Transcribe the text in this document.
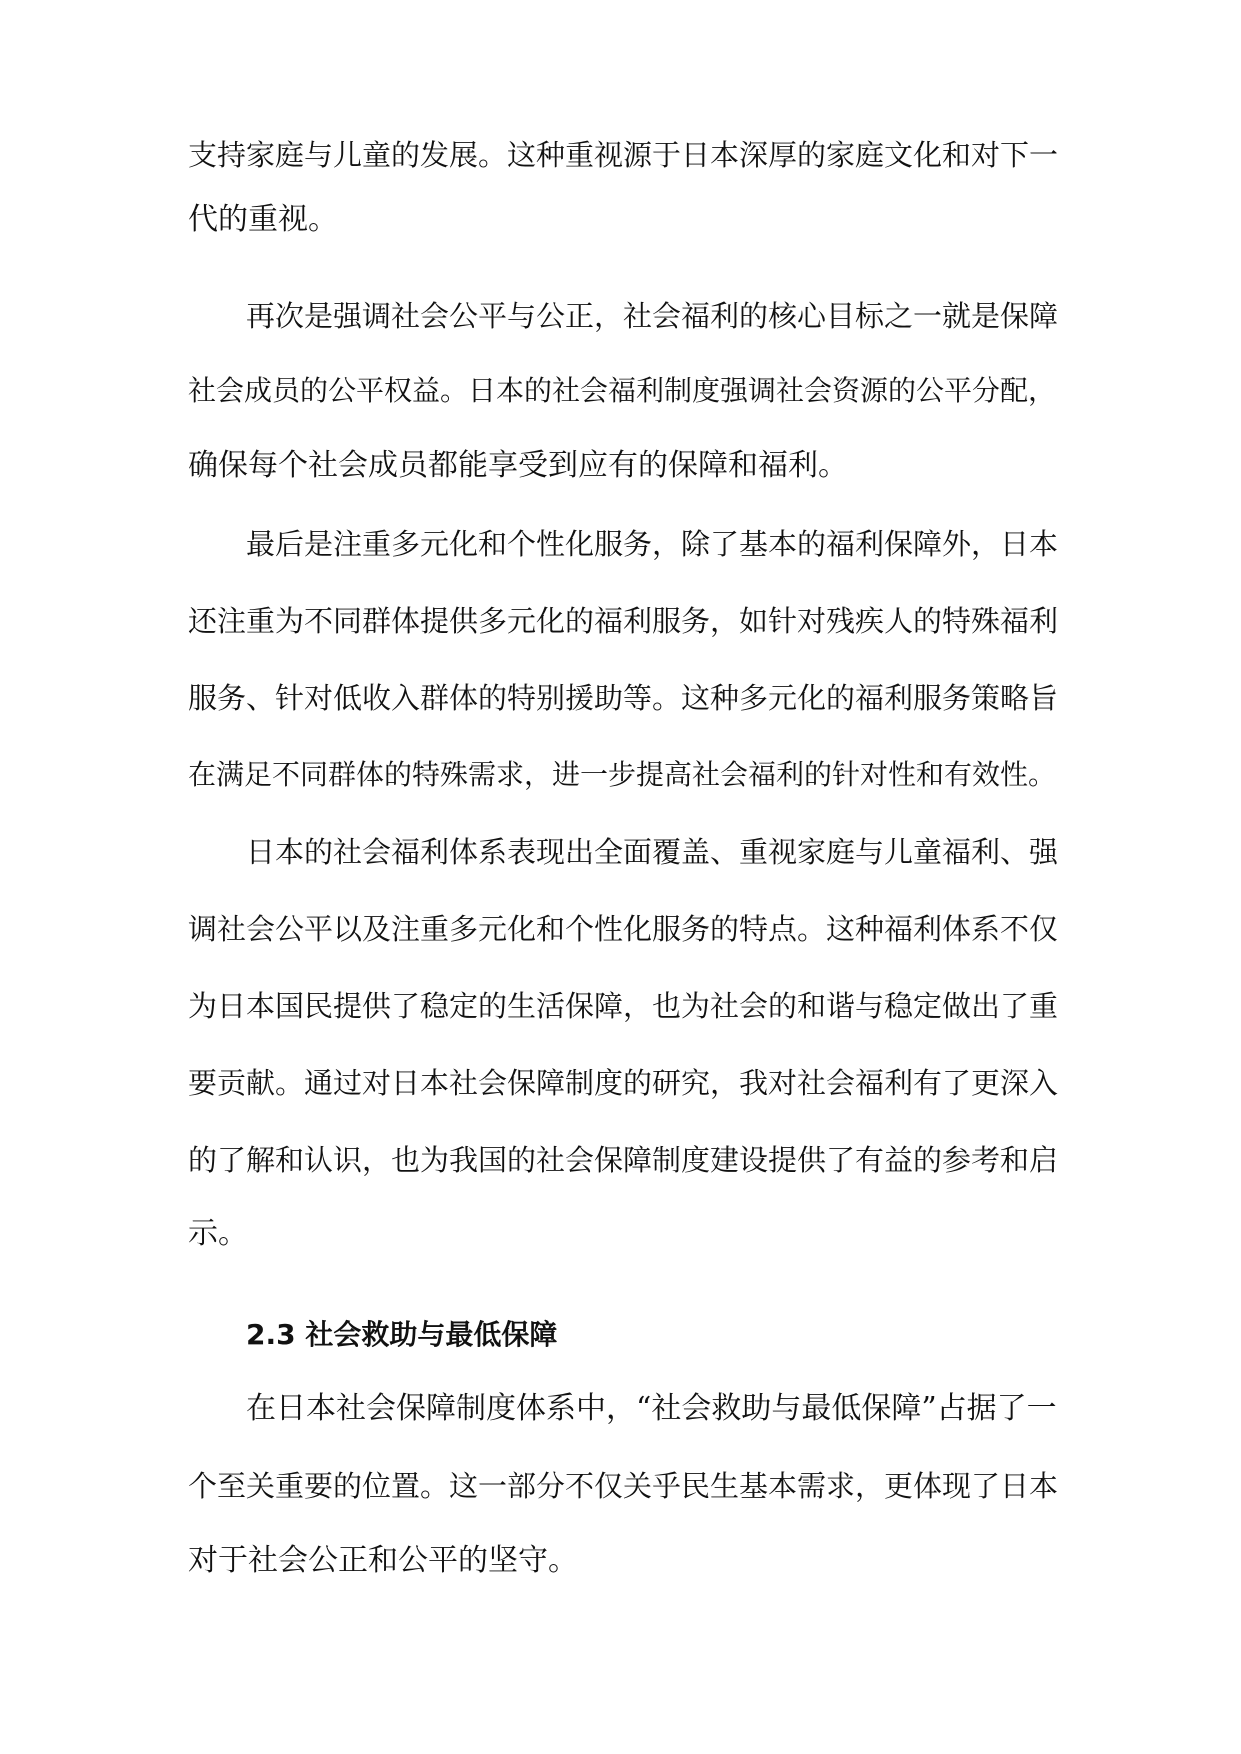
支持家庭与儿童的发展。这种重视源于日本深厚的家庭文化和对下一
代的重视。
再次是强调社会公平与公正，社会福利的核心目标之一就是保障
社会成员的公平权益。日本的社会福利制度强调社会资源的公平分配，
确保每个社会成员都能享受到应有的保障和福利。
最后是注重多元化和个性化服务，除了基本的福利保障外，日本
还注重为不同群体提供多元化的福利服务，如针对残疾人的特殊福利
服务、针对低收入群体的特别援助等。这种多元化的福利服务策略旨
在满足不同群体的特殊需求，进一步提高社会福利的针对性和有效性。
日本的社会福利体系表现出全面覆盖、重视家庭与儿童福利、强
调社会公平以及注重多元化和个性化服务的特点。这种福利体系不仅
为日本国民提供了稳定的生活保障，也为社会的和谐与稳定做出了重
要贡献。通过对日本社会保障制度的研究，我对社会福利有了更深入
的了解和认识，也为我国的社会保障制度建设提供了有益的参考和启
示。
2.3 社会救助与最低保障
在日本社会保障制度体系中，“社会救助与最低保障”占据了一
个至关重要的位置。这一部分不仅关乎民生基本需求，更体现了日本
对于社会公正和公平的坚守。
